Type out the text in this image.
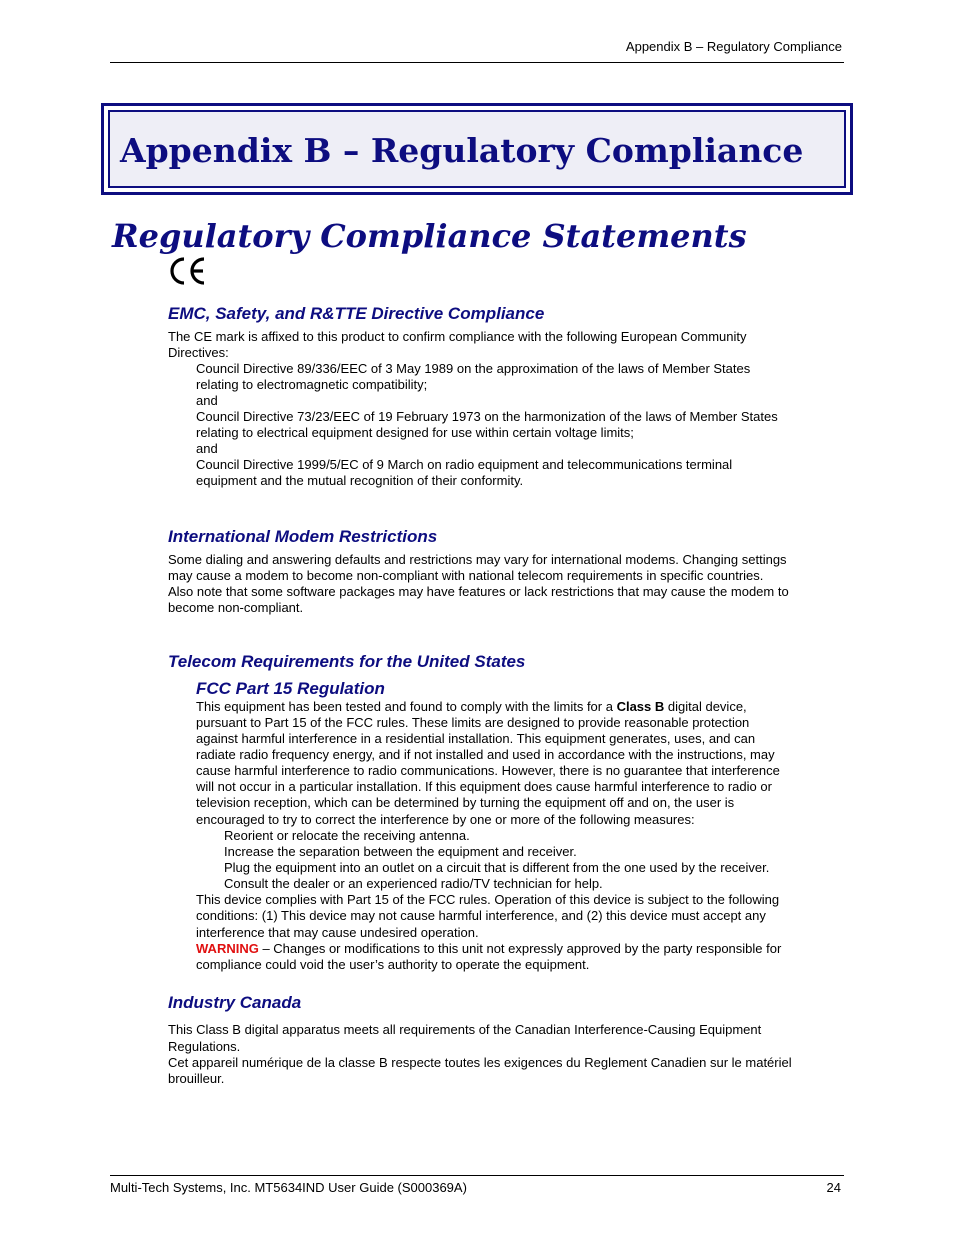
Appendix B – Regulatory Compliance
Appendix B – Regulatory Compliance
Regulatory Compliance Statements
EMC, Safety, and R&TTE Directive Compliance
The CE mark is affixed to this product to confirm compliance with the following European Community
Directives:
Council Directive 89/336/EEC of 3 May 1989 on the approximation of the laws of Member States
relating to electromagnetic compatibility;
and
Council Directive 73/23/EEC of 19 February 1973 on the harmonization of the laws of Member States
relating to electrical equipment designed for use within certain voltage limits;
and
Council Directive 1999/5/EC of 9 March on radio equipment and telecommunications terminal
equipment and the mutual recognition of their conformity.
International Modem Restrictions
Some dialing and answering defaults and restrictions may vary for international modems. Changing settings
may cause a modem to become non-compliant with national telecom requirements in specific countries.
Also note that some software packages may have features or lack restrictions that may cause the modem to
become non-compliant.
Telecom Requirements for the United States
FCC Part 15 Regulation
This equipment has been tested and found to comply with the limits for a Class B digital device,
pursuant to Part 15 of the FCC rules. These limits are designed to provide reasonable protection
against harmful interference in a residential installation. This equipment generates, uses, and can
radiate radio frequency energy, and if not installed and used in accordance with the instructions, may
cause harmful interference to radio communications. However, there is no guarantee that interference
will not occur in a particular installation. If this equipment does cause harmful interference to radio or
television reception, which can be determined by turning the equipment off and on, the user is
encouraged to try to correct the interference by one or more of the following measures:
Reorient or relocate the receiving antenna.
Increase the separation between the equipment and receiver.
Plug the equipment into an outlet on a circuit that is different from the one used by the receiver.
Consult the dealer or an experienced radio/TV technician for help.
This device complies with Part 15 of the FCC rules. Operation of this device is subject to the following
conditions: (1) This device may not cause harmful interference, and (2) this device must accept any
interference that may cause undesired operation.
WARNING – Changes or modifications to this unit not expressly approved by the party responsible for
compliance could void the user’s authority to operate the equipment.
Industry Canada
This Class B digital apparatus meets all requirements of the Canadian Interference-Causing Equipment
Regulations.
Cet appareil numérique de la classe B respecte toutes les exigences du Reglement Canadien sur le matériel
brouilleur.
Multi-Tech Systems, Inc. MT5634IND User Guide (S000369A)	24
